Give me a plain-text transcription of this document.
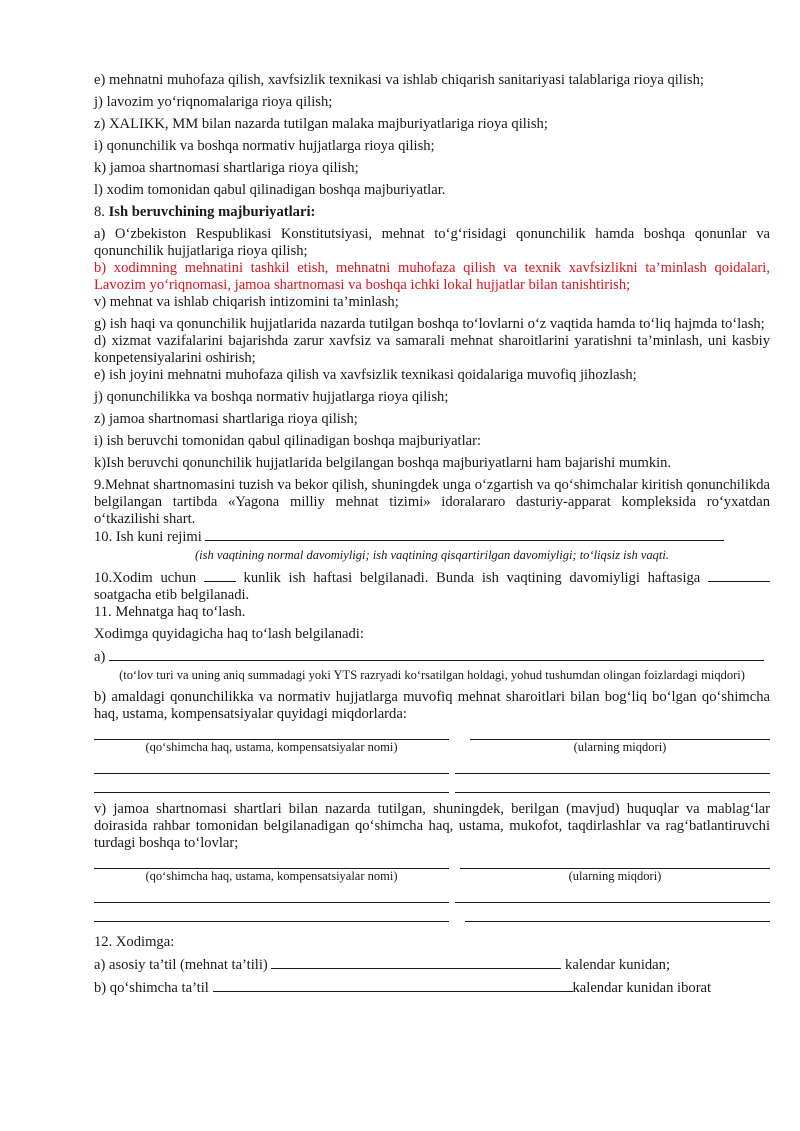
e) mehnatni muhofaza qilish, xavfsizlik texnikasi va ishlab chiqarish sanitariyasi talablariga rioya qilish;

j) lavozim yo‘riqnomalariga rioya qilish;

z) XALIKK, MM bilan nazarda tutilgan malaka majburiyatlariga rioya qilish;

i) qonunchilik va boshqa normativ hujjatlarga rioya qilish;

k) jamoa shartnomasi shartlariga rioya qilish;

l) xodim tomonidan qabul qilinadigan boshqa majburiyatlar.

8. Ish beruvchining majburiyatlari:

a) O‘zbekiston Respublikasi Konstitutsiyasi, mehnat to‘g‘risidagi qonunchilik hamda boshqa qonunlar va qonunchilik hujjatlariga rioya qilish;

b) xodimning mehnatini tashkil etish, mehnatni muhofaza qilish va texnik xavfsizlikni ta’minlash qoidalari, Lavozim yo‘riqnomasi, jamoa shartnomasi va boshqa ichki lokal hujjatlar bilan tanishtirish;

v) mehnat va ishlab chiqarish intizomini ta’minlash;

g) ish haqi va qonunchilik hujjatlarida nazarda tutilgan boshqa to‘lovlarni o‘z vaqtida hamda to‘liq hajmda to‘lash;

d) xizmat vazifalarini bajarishda zarur xavfsiz va samarali mehnat sharoitlarini yaratishni ta’minlash, uni kasbiy konpetensiyalarini oshirish;

e) ish joyini mehnatni muhofaza qilish va xavfsizlik texnikasi qoidalariga muvofiq jihozlash;

j) qonunchilikka va boshqa normativ hujjatlarga rioya qilish;

z) jamoa shartnomasi shartlariga rioya qilish;

i) ish beruvchi tomonidan qabul qilinadigan boshqa majburiyatlar:

k)Ish beruvchi qonunchilik hujjatlarida belgilangan boshqa majburiyatlarni ham bajarishi mumkin.

9.Mehnat shartnomasini tuzish va bekor qilish, shuningdek unga o‘zgartish va qo‘shimchalar kiritish qonunchilikda belgilangan tartibda «Yagona milliy mehnat tizimi» idoralararo dasturiy-apparat kompleksida ro‘yxatdan o‘tkazilishi shart.

10. Ish kuni rejimi

(ish vaqtining normal davomiyligi; ish vaqtining qisqartirilgan davomiyligi; to‘liqsiz ish vaqti.

10.Xodim uchun	kunlik ish haftasi belgilanadi. Bunda ish vaqtining davomiyligi haftasiga  soatgacha etib belgilanadi.

11. Mehnatga haq to‘lash.

Xodimga quyidagicha haq to‘lash belgilanadi:

a)

(to‘lov turi va uning aniq summadagi yoki YTS razryadi ko‘rsatilgan holdagi, yohud tushumdan olingan foizlardagi miqdori)

b) amaldagi qonunchilikka va normativ hujjatlarga muvofiq mehnat sharoitlari bilan bog‘liq bo‘lgan qo‘shimcha haq, ustama, kompensatsiyalar quyidagi miqdorlarda:

(qo‘shimcha haq, ustama, kompensatsiyalar nomi)	(ularning miqdori)

v) jamoa shartnomasi shartlari bilan nazarda tutilgan, shuningdek, berilgan (mavjud) huquqlar va mablag‘lar doirasida rahbar tomonidan belgilanadigan qo‘shimcha haq, ustama, mukofot, taqdirlashlar va rag‘batlantiruvchi turdagi boshqa to‘lovlar;

(qo‘shimcha haq, ustama, kompensatsiyalar nomi)	(ularning miqdori)

12. Xodimga:

a) asosiy ta’til (mehnat ta’tili)	kalendar kunidan;

b) qo‘shimcha ta’til	kalendar kunidan iborat
